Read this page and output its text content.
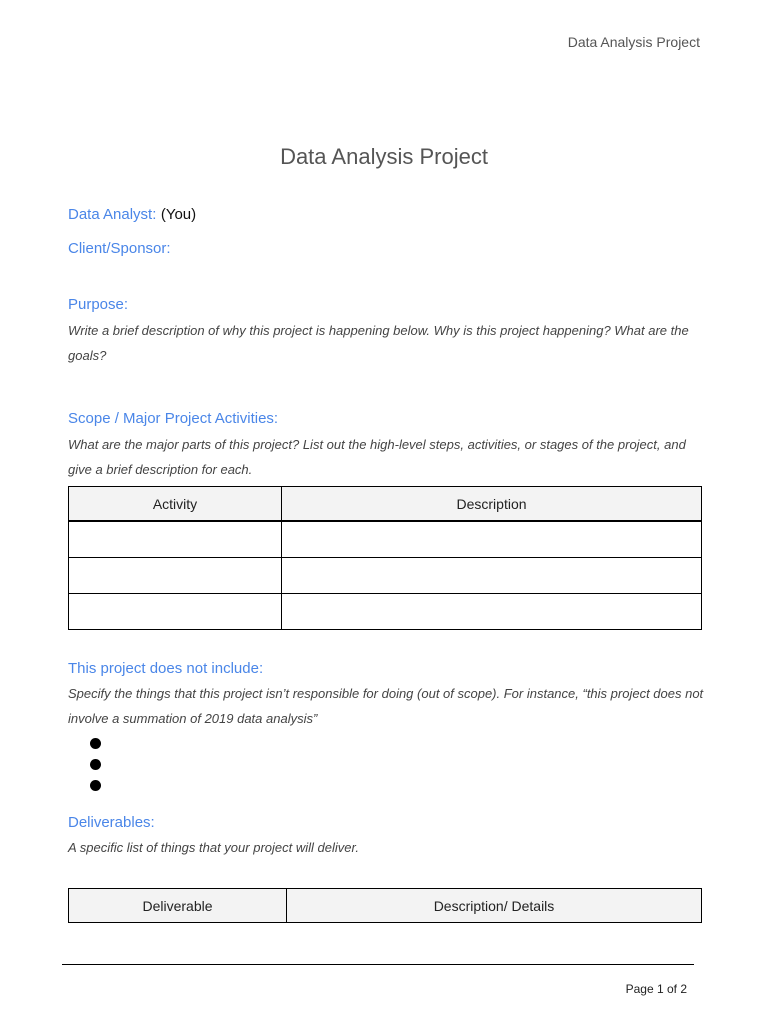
Data Analysis Project
Data Analysis Project
Data Analyst: (You)
Client/Sponsor:
Purpose:
Write a brief description of why this project is happening below. Why is this project happening? What are the goals?
Scope / Major Project Activities:
What are the major parts of this project? List out the high-level steps, activities, or stages of the project, and give a brief description for each.
Activity	Description

This project does not include:
Specify the things that this project isn’t responsible for doing (out of scope). For instance, “this project does not involve a summation of 2019 data analysis”
Deliverables:
A specific list of things that your project will deliver.
Deliverable	Description/ Details
Page 1 of 2
